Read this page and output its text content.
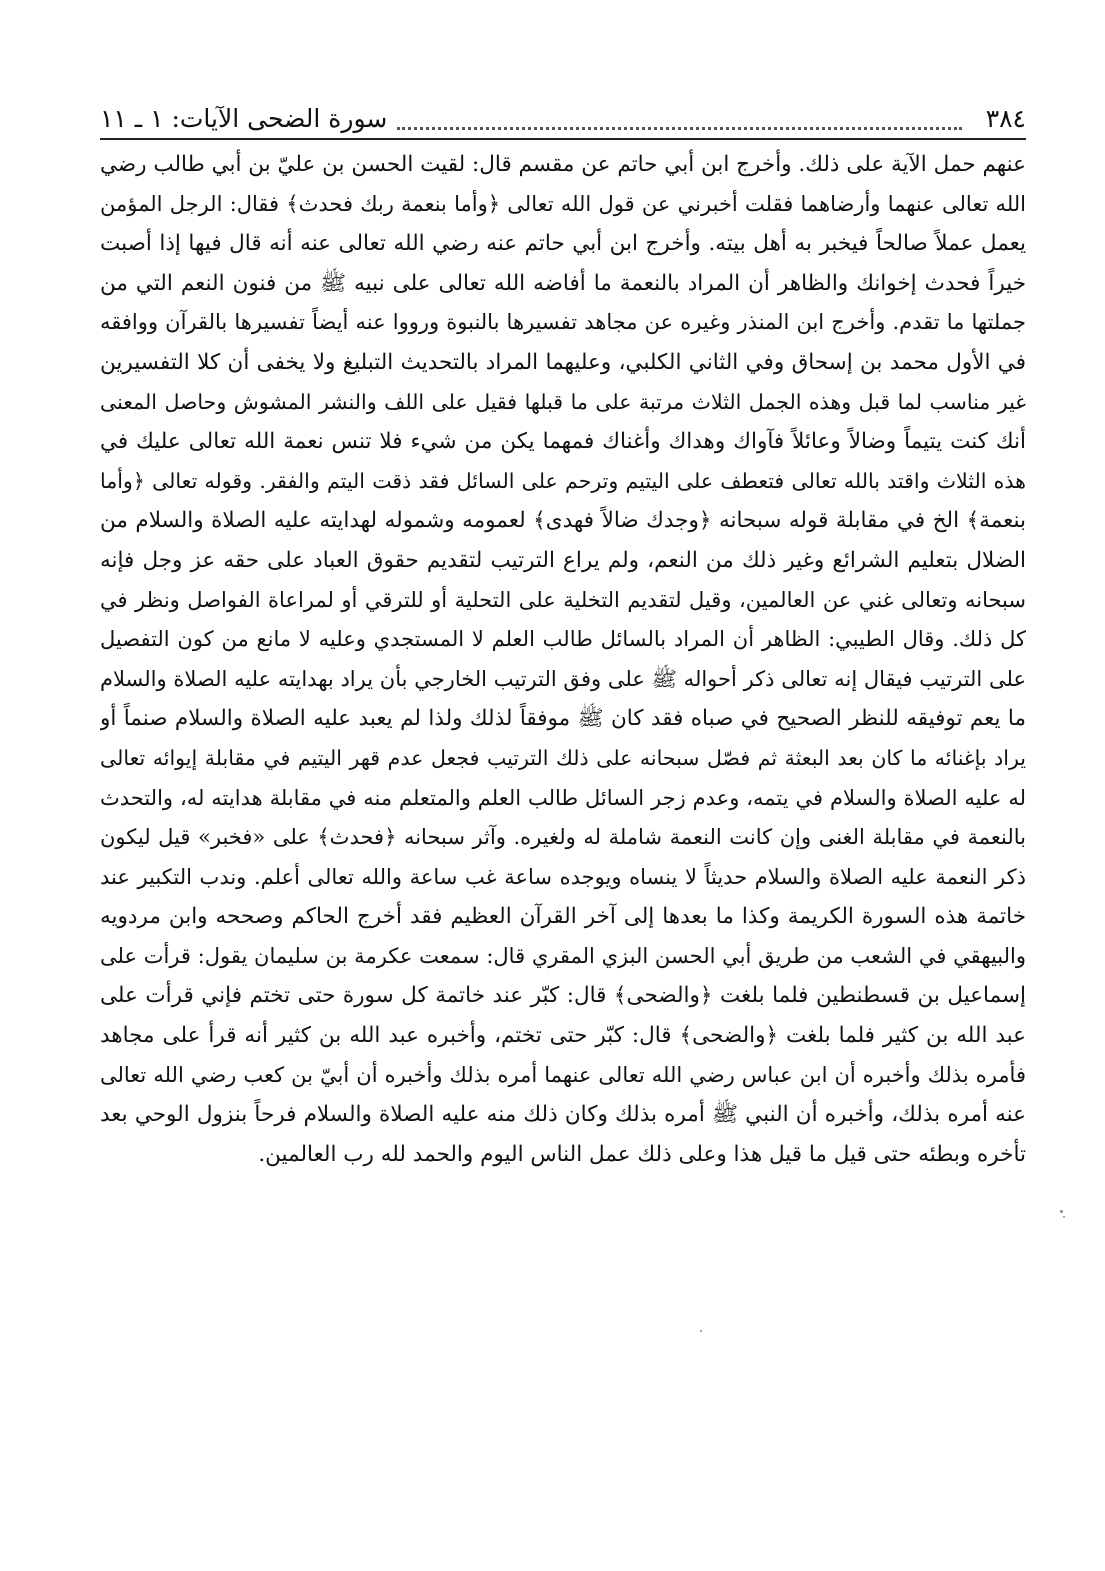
٣٨٤
سورة الضحى الآيات: ١ ـ ١١
عنهم حمل الآية على ذلك. وأخرج ابن أبي حاتم عن مقسم قال: لقيت الحسن بن عليّ بن أبي طالب رضي
الله تعالى عنهما وأرضاهما فقلت أخبرني عن قول الله تعالى ﴿وأما بنعمة ربك فحدث﴾ فقال: الرجل المؤمن
يعمل عملاً صالحاً فيخبر به أهل بيته. وأخرج ابن أبي حاتم عنه رضي الله تعالى عنه أنه قال فيها إذا أصبت
خيراً فحدث إخوانك والظاهر أن المراد بالنعمة ما أفاضه الله تعالى على نبيه ﷺ من فنون النعم التي من
جملتها ما تقدم. وأخرج ابن المنذر وغيره عن مجاهد تفسيرها بالنبوة ورووا عنه أيضاً تفسيرها بالقرآن ووافقه
في الأول محمد بن إسحاق وفي الثاني الكلبي، وعليهما المراد بالتحديث التبليغ ولا يخفى أن كلا التفسيرين
غير مناسب لما قبل وهذه الجمل الثلاث مرتبة على ما قبلها فقيل على اللف والنشر المشوش وحاصل المعنى
أنك كنت يتيماً وضالاً وعائلاً فآواك وهداك وأغناك فمهما يكن من شيء فلا تنس نعمة الله تعالى عليك في
هذه الثلاث واقتد بالله تعالى فتعطف على اليتيم وترحم على السائل فقد ذقت اليتم والفقر. وقوله تعالى ﴿وأما
بنعمة﴾ الخ في مقابلة قوله سبحانه ﴿وجدك ضالاً فهدى﴾ لعمومه وشموله لهدايته عليه الصلاة والسلام من
الضلال بتعليم الشرائع وغير ذلك من النعم، ولم يراع الترتيب لتقديم حقوق العباد على حقه عز وجل فإنه
سبحانه وتعالى غني عن العالمين، وقيل لتقديم التخلية على التحلية أو للترقي أو لمراعاة الفواصل ونظر في
كل ذلك. وقال الطيبي: الظاهر أن المراد بالسائل طالب العلم لا المستجدي وعليه لا مانع من كون التفصيل
على الترتيب فيقال إنه تعالى ذكر أحواله ﷺ على وفق الترتيب الخارجي بأن يراد بهدايته عليه الصلاة والسلام
ما يعم توفيقه للنظر الصحيح في صباه فقد كان ﷺ موفقاً لذلك ولذا لم يعبد عليه الصلاة والسلام صنماً أو
يراد بإغنائه ما كان بعد البعثة ثم فصّل سبحانه على ذلك الترتيب فجعل عدم قهر اليتيم في مقابلة إيوائه تعالى
له عليه الصلاة والسلام في يتمه، وعدم زجر السائل طالب العلم والمتعلم منه في مقابلة هدايته له، والتحدث
بالنعمة في مقابلة الغنى وإن كانت النعمة شاملة له ولغيره. وآثر سبحانه ﴿فحدث﴾ على «فخبر» قيل ليكون
ذكر النعمة عليه الصلاة والسلام حديثاً لا ينساه ويوجده ساعة غب ساعة والله تعالى أعلم. وندب التكبير عند
خاتمة هذه السورة الكريمة وكذا ما بعدها إلى آخر القرآن العظيم فقد أخرج الحاكم وصححه وابن مردويه
والبيهقي في الشعب من طريق أبي الحسن البزي المقري قال: سمعت عكرمة بن سليمان يقول: قرأت على
إسماعيل بن قسطنطين فلما بلغت ﴿والضحى﴾ قال: كبّر عند خاتمة كل سورة حتى تختم فإني قرأت على
عبد الله بن كثير فلما بلغت ﴿والضحى﴾ قال: كبّر حتى تختم، وأخبره عبد الله بن كثير أنه قرأ على مجاهد
فأمره بذلك وأخبره أن ابن عباس رضي الله تعالى عنهما أمره بذلك وأخبره أن أبيّ بن كعب رضي الله تعالى
عنه أمره بذلك، وأخبره أن النبي ﷺ أمره بذلك وكان ذلك منه عليه الصلاة والسلام فرحاً بنزول الوحي بعد
تأخره وبطئه حتى قيل ما قيل هذا وعلى ذلك عمل الناس اليوم والحمد لله رب العالمين.
